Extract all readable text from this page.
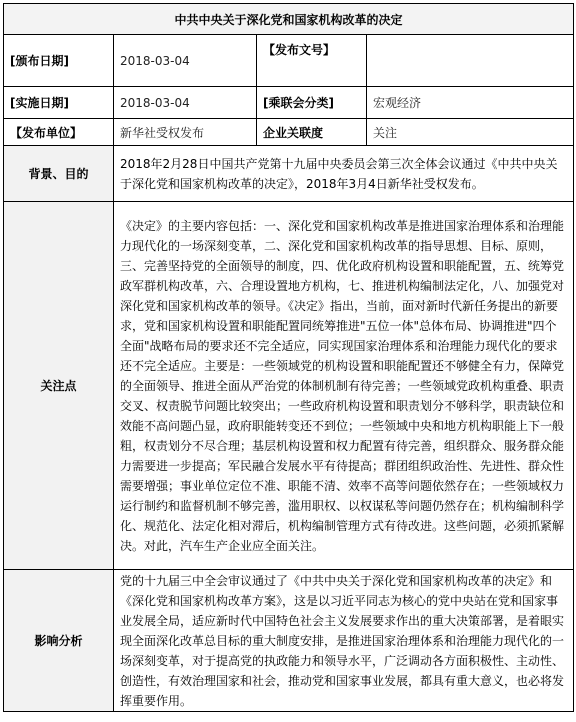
中共中央关于深化党和国家机构改革的决定			
[颁布日期]	2018-03-04	【发布文号】	
[实施日期]	2018-03-04	[乘联会分类]	宏观经济
【发布单位】	新华社受权发布	企业关联度	关注
背景、目的	2018年2月28日中国共产党第十九届中央委员会第三次全体会议通过《中共中央关于深化党和国家机构改革的决定》，2018年3月4日新华社受权发布。		
关注点	《决定》的主要内容包括：一、深化党和国家机构改革是推进国家治理体系和治理能力现代化的一场深刻变革，二、深化党和国家机构改革的指导思想、目标、原则，三、完善坚持党的全面领导的制度，四、优化政府机构设置和职能配置，五、统筹党政军群机构改革，六、合理设置地方机构，七、推进机构编制法定化，八、加强党对深化党和国家机构改革的领导。《决定》指出，当前，面对新时代新任务提出的新要求，党和国家机构设置和职能配置同统筹推进"五位一体"总体布局、协调推进"四个全面"战略布局的要求还不完全适应，同实现国家治理体系和治理能力现代化的要求还不完全适应。主要是：一些领域党的机构设置和职能配置还不够健全有力，保障党的全面领导、推进全面从严治党的体制机制有待完善；一些领域党政机构重叠、职责交叉、权责脱节问题比较突出；一些政府机构设置和职责划分不够科学，职责缺位和效能不高问题凸显，政府职能转变还不到位；一些领域中央和地方机构职能上下一般粗，权责划分不尽合理；基层机构设置和权力配置有待完善，组织群众、服务群众能力需要进一步提高；军民融合发展水平有待提高；群团组织政治性、先进性、群众性需要增强；事业单位定位不准、职能不清、效率不高等问题依然存在；一些领域权力运行制约和监督机制不够完善，滥用职权、以权谋私等问题仍然存在；机构编制科学化、规范化、法定化相对滞后，机构编制管理方式有待改进。这些问题，必须抓紧解决。对此，汽车生产企业应全面关注。		
影响分析	党的十九届三中全会审议通过了《中共中央关于深化党和国家机构改革的决定》和《深化党和国家机构改革方案》，这是以习近平同志为核心的党中央站在党和国家事业发展全局，适应新时代中国特色社会主义发展要求作出的重大决策部署，是着眼实现全面深化改革总目标的重大制度安排，是推进国家治理体系和治理能力现代化的一场深刻变革，对于提高党的执政能力和领导水平，广泛调动各方面积极性、主动性、创造性，有效治理国家和社会，推动党和国家事业发展，都具有重大意义，也必将发挥重要作用。		
